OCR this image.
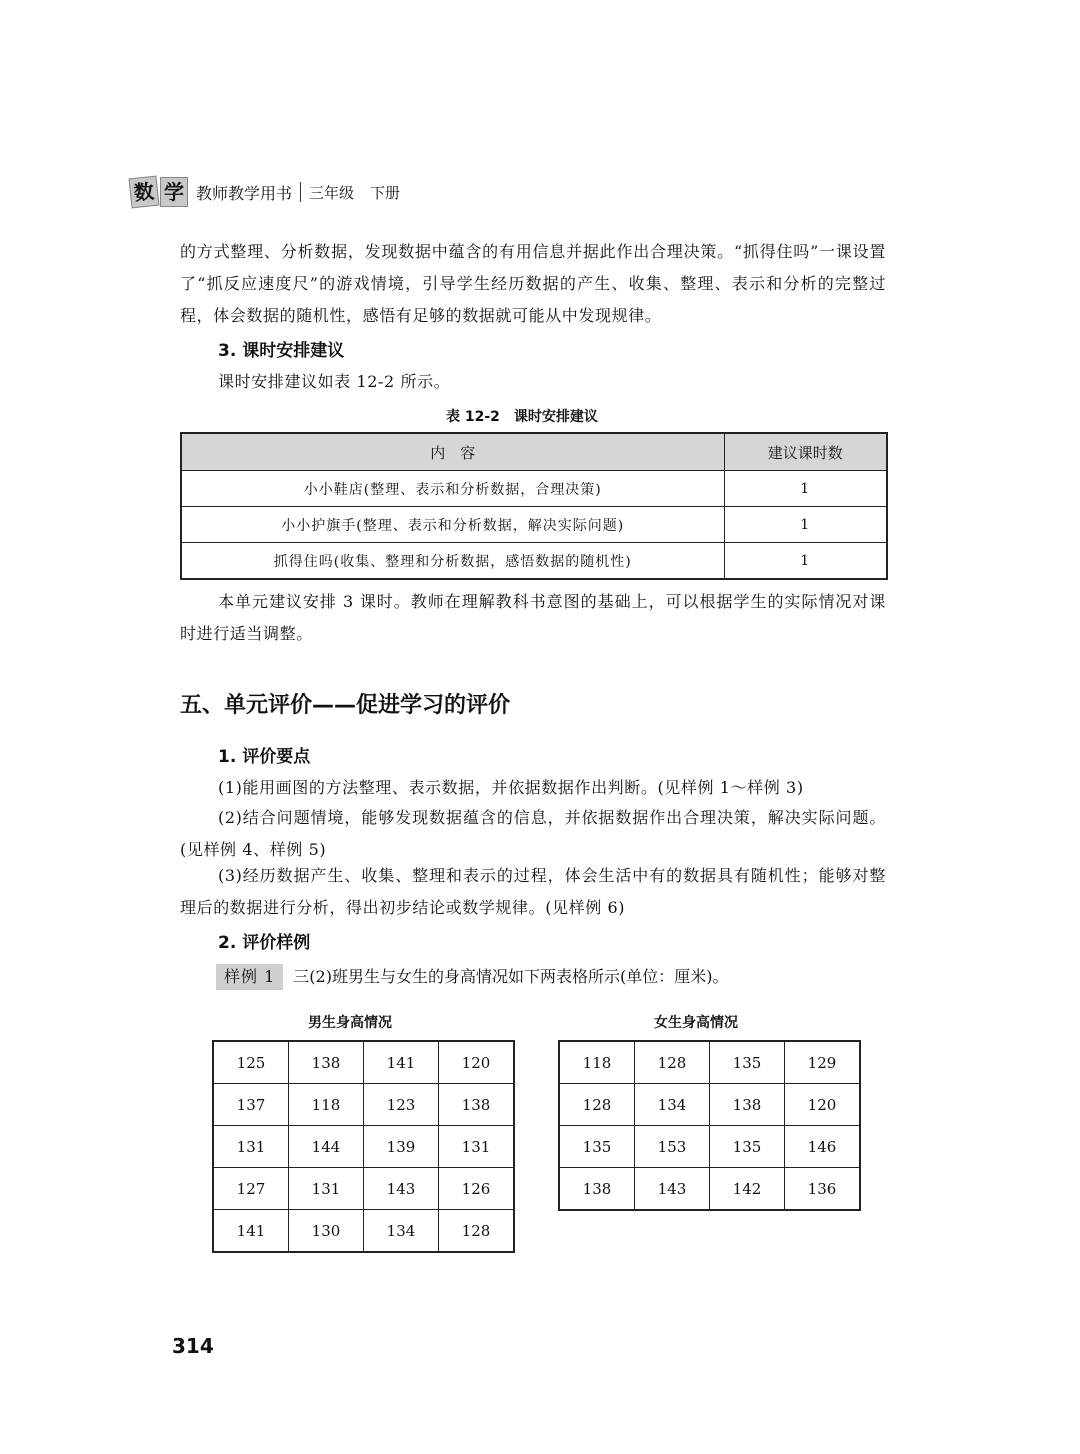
数 学 教师教学用书 三年级 下册
的方式整理、分析数据，发现数据中蕴含的有用信息并据此作出合理决策。“抓得住吗”一课设置了“抓反应速度尺”的游戏情境，引导学生经历数据的产生、收集、整理、表示和分析的完整过程，体会数据的随机性，感悟有足够的数据就可能从中发现规律。
3. 课时安排建议
课时安排建议如表 12-2 所示。
表 12-2　课时安排建议
内　容	建议课时数
小小鞋店(整理、表示和分析数据，合理决策)	1
小小护旗手(整理、表示和分析数据，解决实际问题)	1
抓得住吗(收集、整理和分析数据，感悟数据的随机性)	1
本单元建议安排 3 课时。教师在理解教科书意图的基础上，可以根据学生的实际情况对课时进行适当调整。
五、单元评价——促进学习的评价
1. 评价要点
(1)能用画图的方法整理、表示数据，并依据数据作出判断。(见样例 1～样例 3)
(2)结合问题情境，能够发现数据蕴含的信息，并依据数据作出合理决策，解决实际问题。(见样例 4、样例 5)
(3)经历数据产生、收集、整理和表示的过程，体会生活中有的数据具有随机性；能够对整理后的数据进行分析，得出初步结论或数学规律。(见样例 6)
2. 评价样例
样例 1	三(2)班男生与女生的身高情况如下两表格所示(单位：厘米)。
男生身高情况	女生身高情况
125	138	141	120
137	118	123	138
131	144	139	131
127	131	143	126
141	130	134	128
118	128	135	129
128	134	138	120
135	153	135	146
138	143	142	136
314
